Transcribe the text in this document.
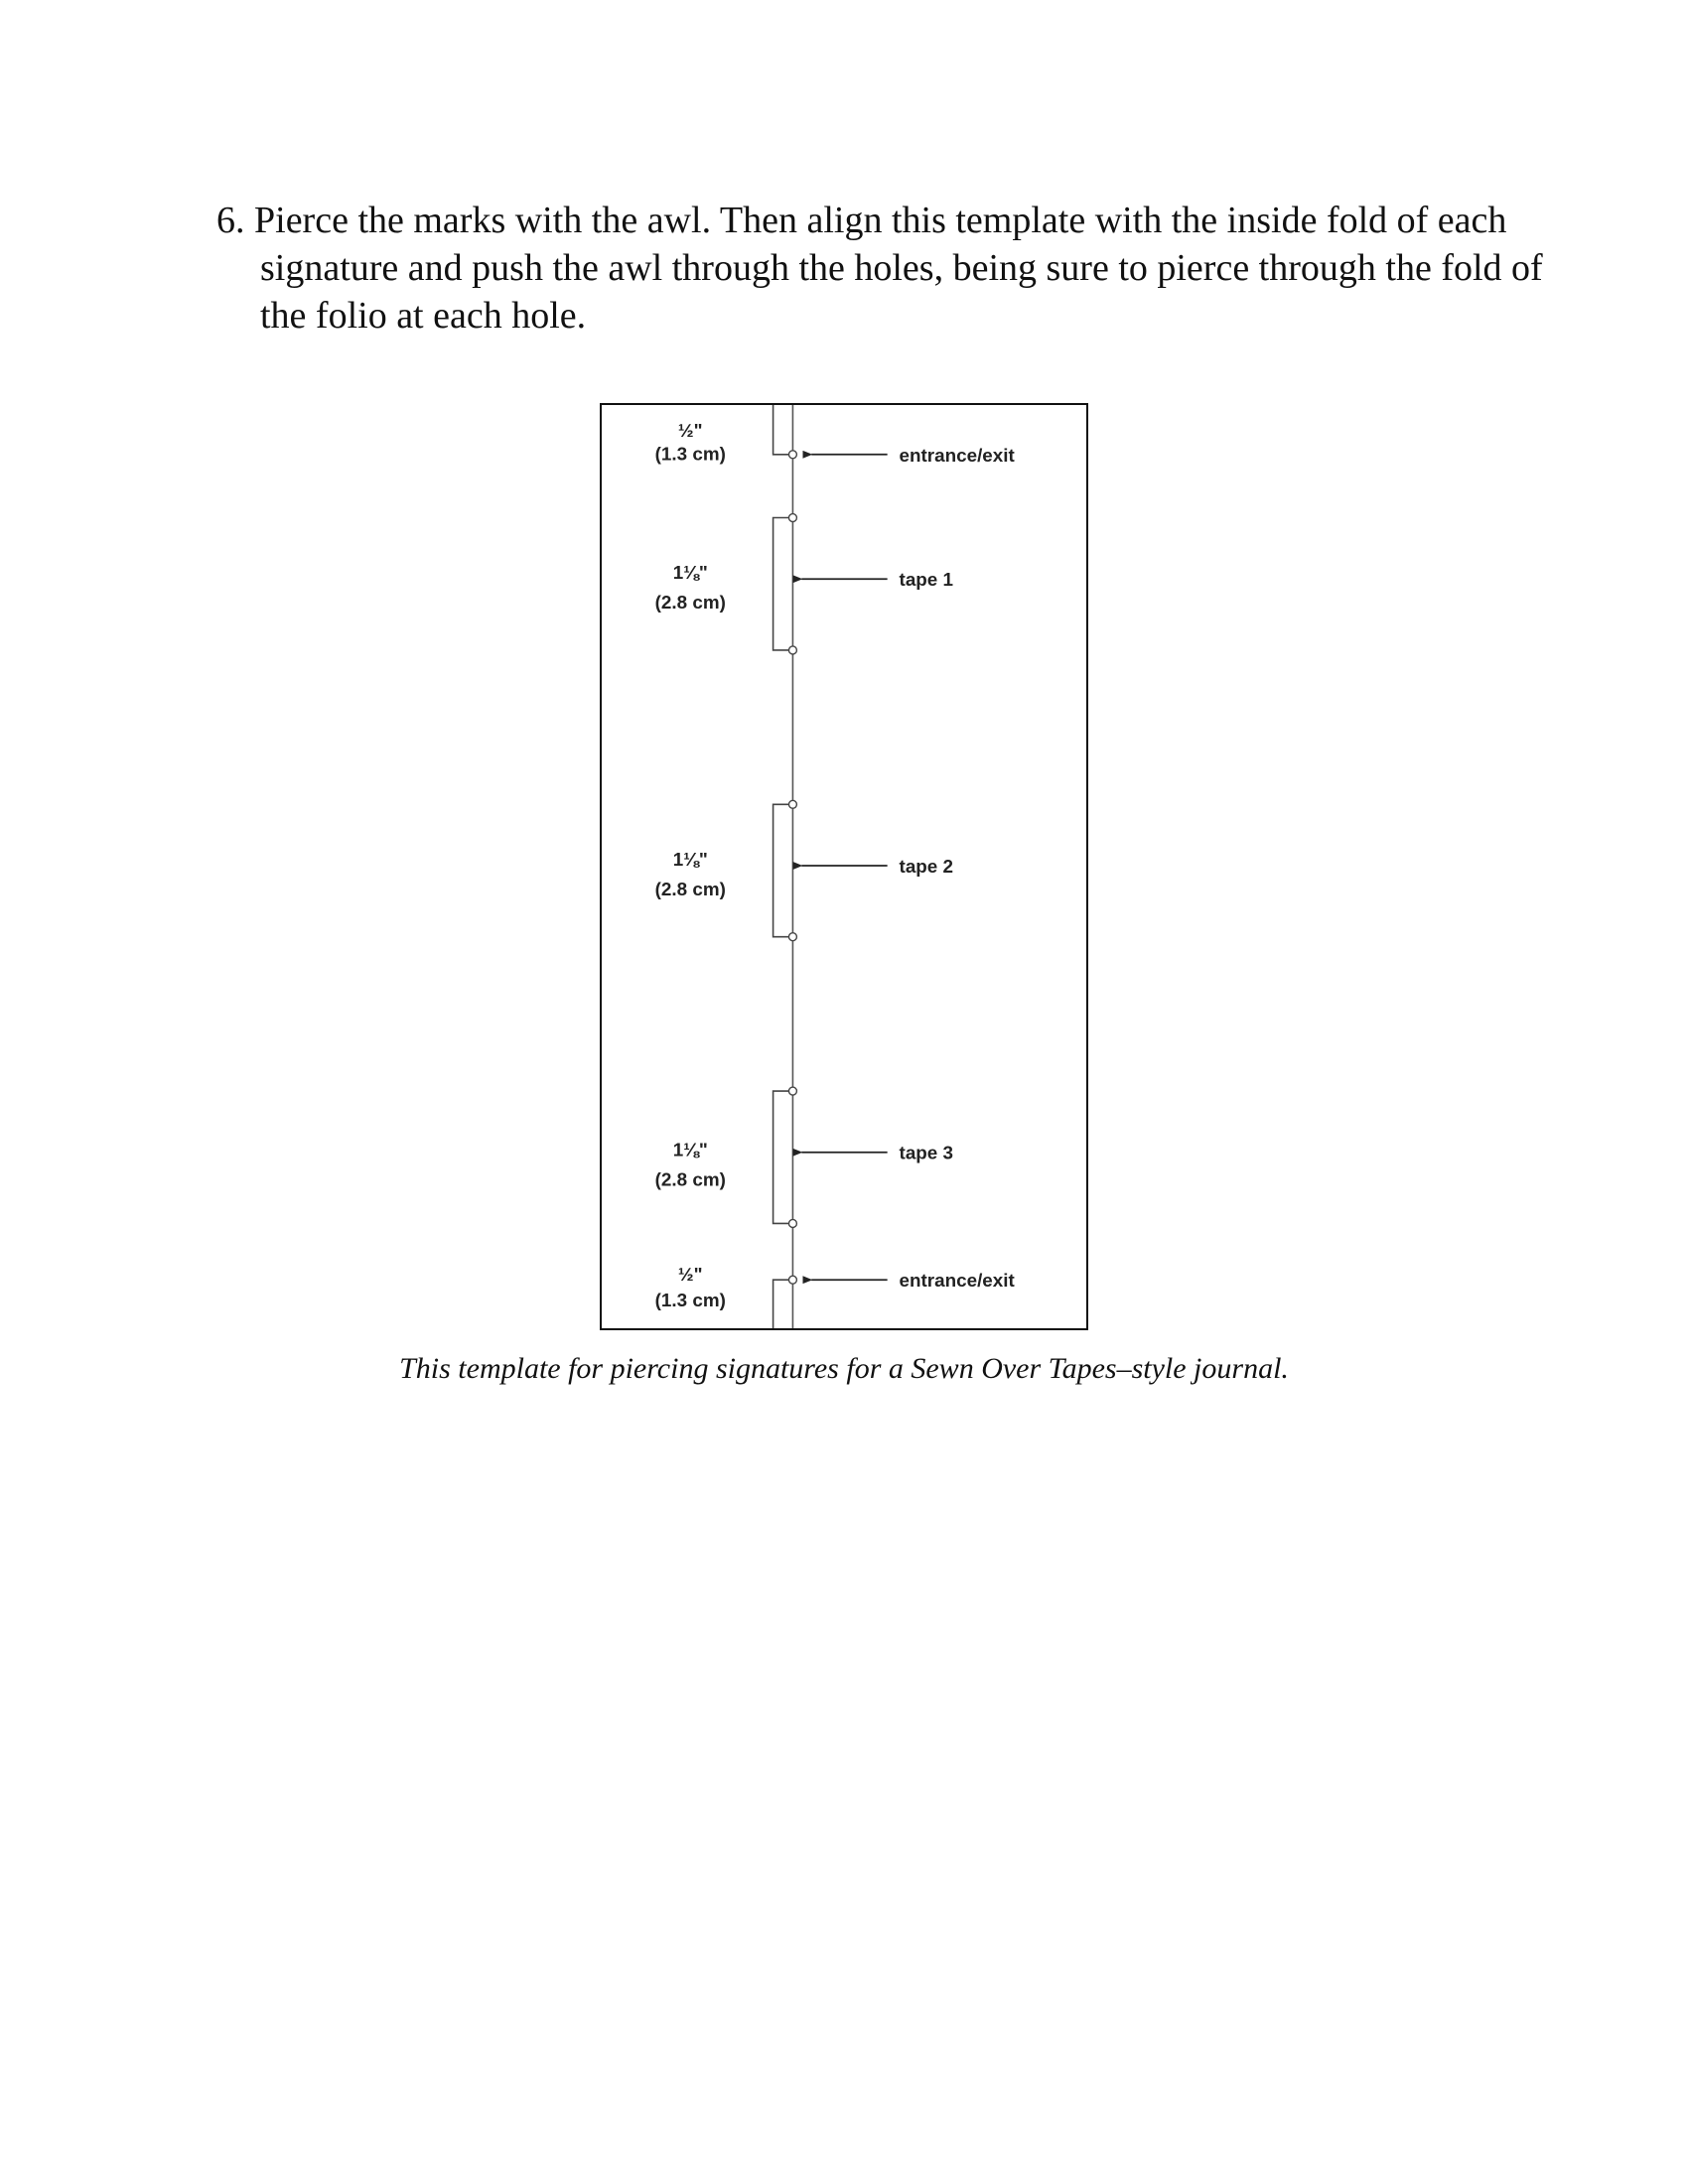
6. Pierce the marks with the awl. Then align this template with the inside fold of each signature and push the awl through the holes, being sure to pierce through the fold of the folio at each hole.

½"
(1.3 cm)
1⅛"
(2.8 cm)
1⅛"
(2.8 cm)
1⅛"
(2.8 cm)
½"
(1.3 cm)
entrance/exit
tape 1
tape 2
tape 3
entrance/exit

This template for piercing signatures for a Sewn Over Tapes–style journal.
